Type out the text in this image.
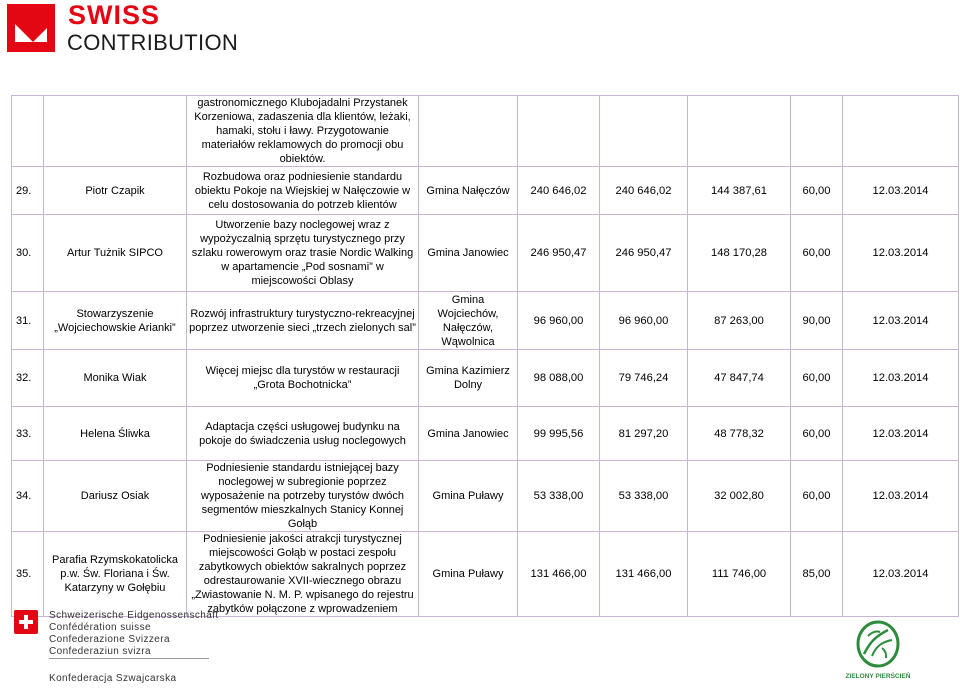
SWISS
CONTRIBUTION
		gastronomicznego Klubojadalni Przystanek Korzeniowa, zadaszenia dla klientów, leżaki, hamaki, stołu i ławy. Przygotowanie materiałów reklamowych do promocji obu obiektów.						
29.	Piotr Czapik	Rozbudowa oraz podniesienie standardu obiektu Pokoje na Wiejskiej w Nałęczowie w celu dostosowania do potrzeb klientów	Gmina Nałęczów	240 646,02	240 646,02	144 387,61	60,00	12.03.2014
30.	Artur Tużnik SIPCO	Utworzenie bazy noclegowej wraz z wypożyczalnią sprzętu turystycznego przy szlaku rowerowym oraz trasie Nordic Walking w apartamencie „Pod sosnami” w miejscowości Oblasy	Gmina Janowiec	246 950,47	246 950,47	148 170,28	60,00	12.03.2014
31.	Stowarzyszenie „Wojciechowskie Arianki”	Rozwój infrastruktury turystyczno-rekreacyjnej poprzez utworzenie sieci „trzech zielonych sal”	Gmina Wojciechów, Nałęczów, Wąwolnica	96 960,00	96 960,00	87 263,00	90,00	12.03.2014
32.	Monika Wiak	Więcej miejsc dla turystów w restauracji „Grota Bochotnicka”	Gmina Kazimierz Dolny	98 088,00	79 746,24	47 847,74	60,00	12.03.2014
33.	Helena Śliwka	Adaptacja części usługowej budynku na pokoje do świadczenia usług noclegowych	Gmina Janowiec	99 995,56	81 297,20	48 778,32	60,00	12.03.2014
34.	Dariusz Osiak	Podniesienie standardu istniejącej bazy noclegowej w subregionie poprzez wyposażenie na potrzeby turystów dwóch segmentów mieszkalnych Stanicy Konnej Gołąb	Gmina Puławy	53 338,00	53 338,00	32 002,80	60,00	12.03.2014
35.	Parafia Rzymskokatolicka p.w. Św. Floriana i Św. Katarzyny w Gołębiu	Podniesienie jakości atrakcji turystycznej miejscowości Gołąb w postaci zespołu zabytkowych obiektów sakralnych poprzez odrestaurowanie XVII-wiecznego obrazu „Zwiastowanie N. M. P. wpisanego do rejestru zabytków połączone z wprowadzeniem	Gmina Puławy	131 466,00	131 466,00	111 746,00	85,00	12.03.2014
Schweizerische Eidgenossenschaft
Confédération suisse
Confederazione Svizzera
Confederaziun svizra
Konfederacja Szwajcarska	ZIELONY PIERŚCIEŃ
